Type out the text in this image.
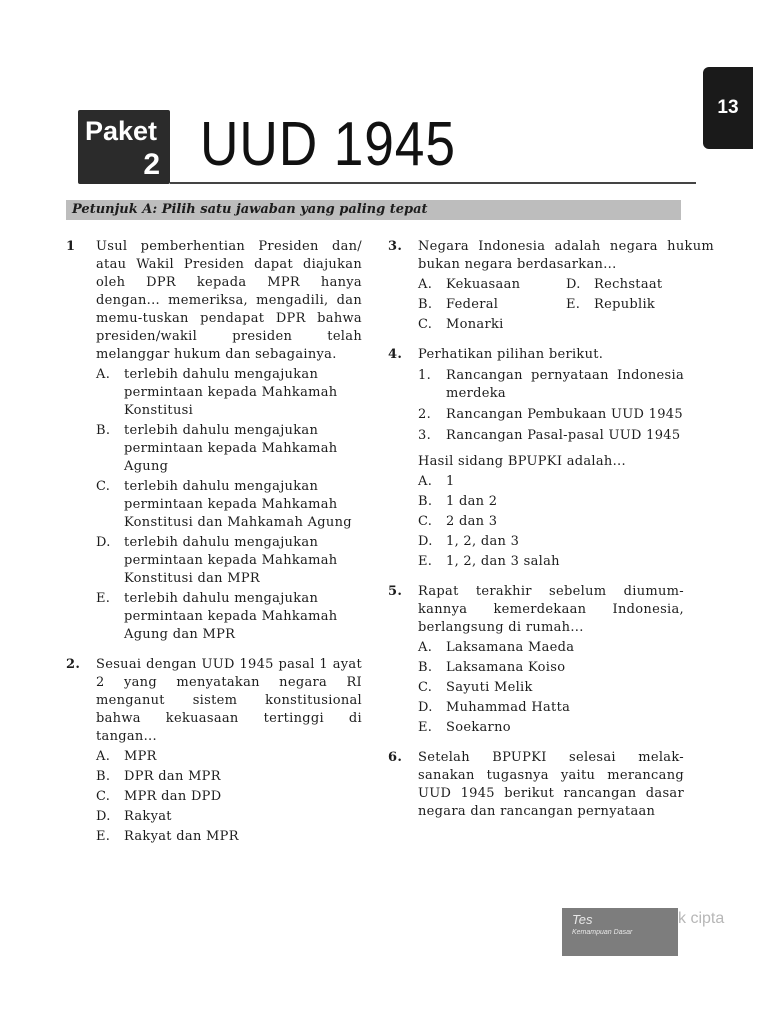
13
Paket
2 UUD 1945
Petunjuk A: Pilih satu jawaban yang paling tepat
1	Usul pemberhentian Presiden dan/ atau Wakil Presiden dapat diajukan oleh DPR kepada MPR hanya dengan... memeriksa, mengadili, dan memu-tuskan pendapat DPR bahwa presiden/wakil presiden telah melanggar hukum dan sebagainya.
A.	terlebih dahulu mengajukan permintaan kepada Mahkamah Konstitusi
B.	terlebih dahulu mengajukan permintaan kepada Mahkamah Agung
C.	terlebih dahulu mengajukan permintaan kepada Mahkamah Konstitusi dan Mahkamah Agung
D.	terlebih dahulu mengajukan permintaan kepada Mahkamah Konstitusi dan MPR
E.	terlebih dahulu mengajukan permintaan kepada Mahkamah Agung dan MPR
2.	Sesuai dengan UUD 1945 pasal 1 ayat 2 yang menyatakan negara RI menganut sistem konstitusional bahwa kekuasaan tertinggi di tangan...
A.	MPR
B.	DPR dan MPR
C.	MPR dan DPD
D.	Rakyat
E.	Rakyat dan MPR
3.	Negara Indonesia adalah negara hukum bukan negara berdasarkan...
A.	Kekuasaan	D.	Rechstaat
B.	Federal	E.	Republik
C.	Monarki
4.	Perhatikan pilihan berikut.
1.	Rancangan pernyataan Indonesia merdeka
2.	Rancangan Pembukaan UUD 1945
3.	Rancangan Pasal-pasal UUD 1945
Hasil sidang BPUPKI adalah...
A.	1
B.	1 dan 2
C.	2 dan 3
D.	1, 2, dan 3
E.	1, 2, dan 3 salah
5.	Rapat terakhir sebelum diumum-kannya kemerdekaan Indonesia, berlangsung di rumah...
A.	Laksamana Maeda
B.	Laksamana Koiso
C.	Sayuti Melik
D.	Muhammad Hatta
E.	Soekarno
6.	Setelah BPUPKI selesai melak-sanakan tugasnya yaitu merancang UUD 1945 berikut rancangan dasar negara dan rancangan pernyataan
Tes
Kemampuan Dasar
k cipta
